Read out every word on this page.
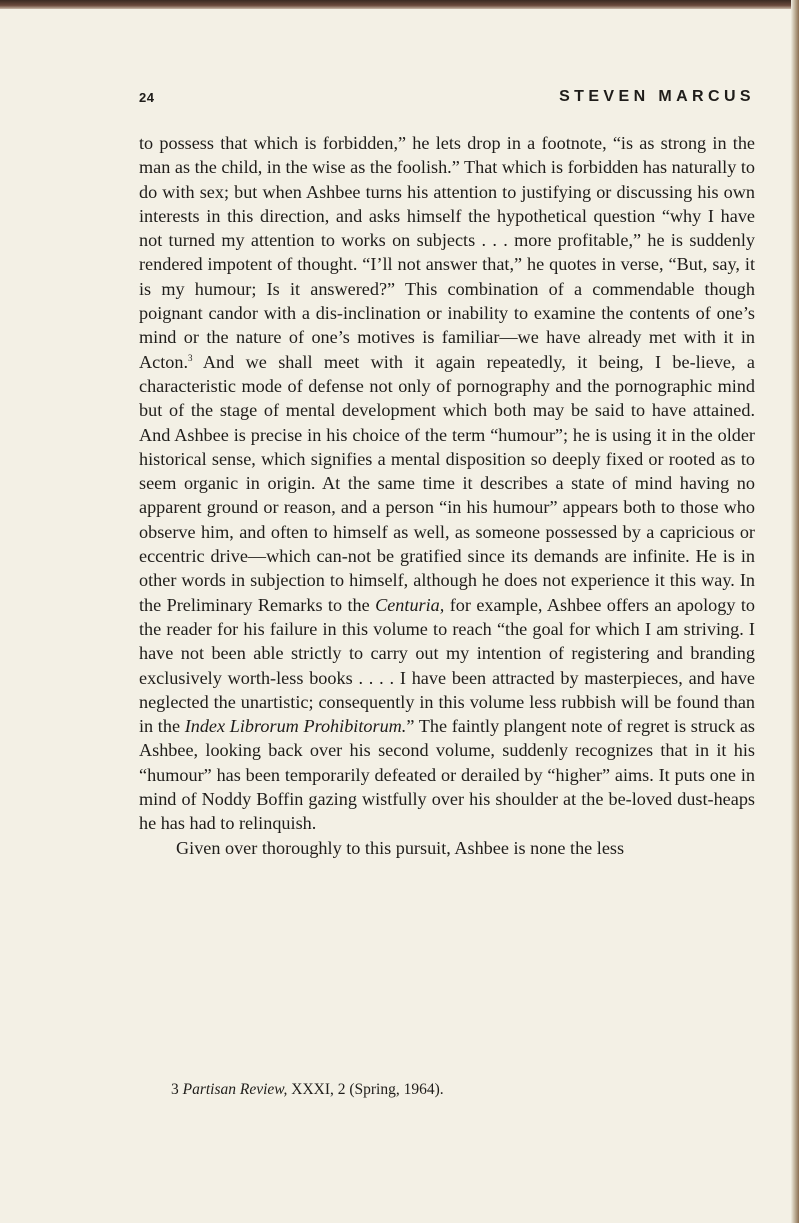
24	STEVEN MARCUS

to possess that which is forbidden,” he lets drop in a footnote, “is as strong in the man as the child, in the wise as the foolish.” That which is forbidden has naturally to do with sex; but when Ashbee turns his attention to justifying or discussing his own interests in this direction, and asks himself the hypothetical question “why I have not turned my attention to works on subjects . . . more profitable,” he is suddenly rendered impotent of thought. “I’ll not answer that,” he quotes in verse, “But, say, it is my humour; Is it answered?” This combination of a commendable though poignant candor with a dis-inclination or inability to examine the contents of one’s mind or the nature of one’s motives is familiar—we have already met with it in Acton.$^3$ And we shall meet with it again repeatedly, it being, I be-lieve, a characteristic mode of defense not only of pornography and the pornographic mind but of the stage of mental development which both may be said to have attained. And Ashbee is precise in his choice of the term “humour”; he is using it in the older historical sense, which signifies a mental disposition so deeply fixed or rooted as to seem organic in origin. At the same time it describes a state of mind having no apparent ground or reason, and a person “in his humour” appears both to those who observe him, and often to himself as well, as someone possessed by a capricious or eccentric drive—which can-not be gratified since its demands are infinite. He is in other words in subjection to himself, although he does not experience it this way. In the Preliminary Remarks to the Centuria, for example, Ashbee offers an apology to the reader for his failure in this volume to reach “the goal for which I am striving. I have not been able strictly to carry out my intention of registering and branding exclusively worth-less books . . . . I have been attracted by masterpieces, and have neglected the unartistic; consequently in this volume less rubbish will be found than in the Index Librorum Prohibitorum.” The faintly plangent note of regret is struck as Ashbee, looking back over his second volume, suddenly recognizes that in it his “humour” has been temporarily defeated or derailed by “higher” aims. It puts one in mind of Noddy Boffin gazing wistfully over his shoulder at the be-loved dust-heaps he has had to relinquish.

Given over thoroughly to this pursuit, Ashbee is none the less

3 Partisan Review, XXXI, 2 (Spring, 1964).
